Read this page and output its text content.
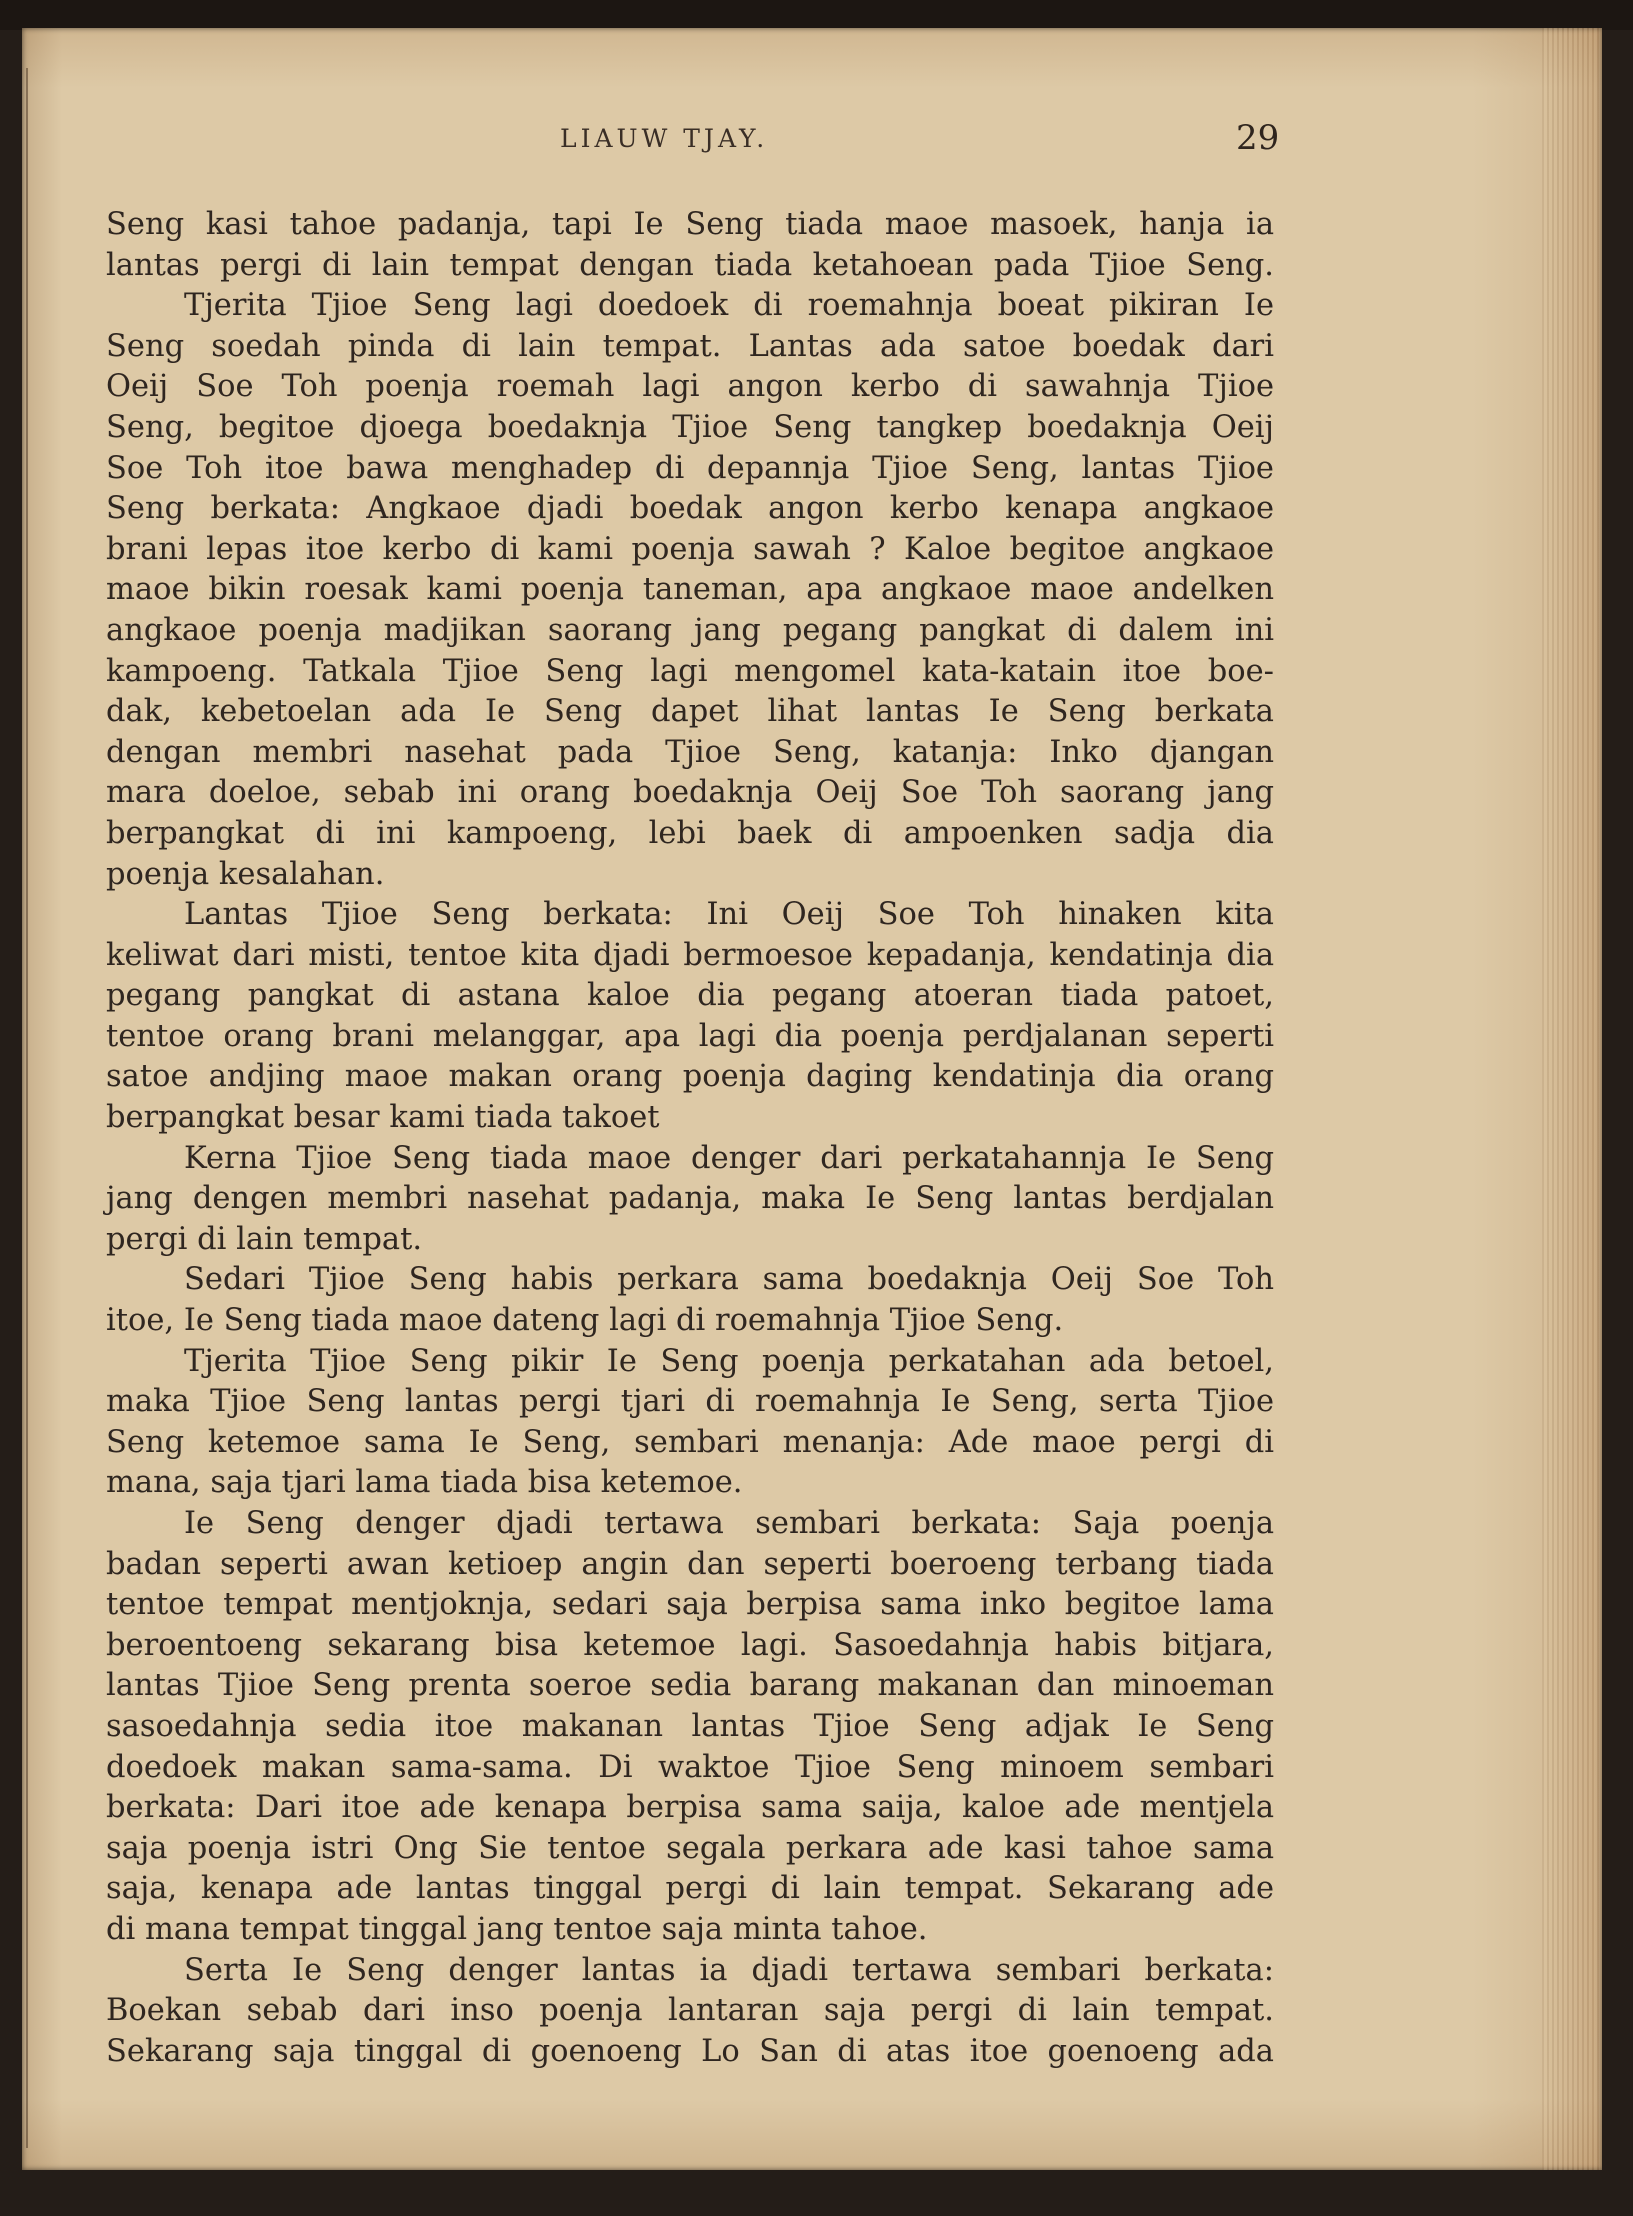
LIAUW TJAY.	29
Seng kasi tahoe padanja, tapi Ie Seng tiada maoe masoek, hanja ia
lantas pergi di lain tempat dengan tiada ketahoean pada Tjioe Seng.
Tjerita Tjioe Seng lagi doedoek di roemahnja boeat pikiran Ie
Seng soedah pinda di lain tempat. Lantas ada satoe boedak dari
Oeij Soe Toh poenja roemah lagi angon kerbo di sawahnja Tjioe
Seng, begitoe djoega boedaknja Tjioe Seng tangkep boedaknja Oeij
Soe Toh itoe bawa menghadep di depannja Tjioe Seng, lantas Tjioe
Seng berkata: Angkaoe djadi boedak angon kerbo kenapa angkaoe
brani lepas itoe kerbo di kami poenja sawah ? Kaloe begitoe angkaoe
maoe bikin roesak kami poenja taneman, apa angkaoe maoe andelken
angkaoe poenja madjikan saorang jang pegang pangkat di dalem ini
kampoeng. Tatkala Tjioe Seng lagi mengomel kata-katain itoe boe-
dak, kebetoelan ada Ie Seng dapet lihat lantas Ie Seng berkata
dengan membri nasehat pada Tjioe Seng, katanja: Inko djangan
mara doeloe, sebab ini orang boedaknja Oeij Soe Toh saorang jang
berpangkat di ini kampoeng, lebi baek di ampoenken sadja dia
poenja kesalahan.
Lantas Tjioe Seng berkata: Ini Oeij Soe Toh hinaken kita
keliwat dari misti, tentoe kita djadi bermoesoe kepadanja, kendatinja dia
pegang pangkat di astana kaloe dia pegang atoeran tiada patoet,
tentoe orang brani melanggar, apa lagi dia poenja perdjalanan seperti
satoe andjing maoe makan orang poenja daging kendatinja dia orang
berpangkat besar kami tiada takoet
Kerna Tjioe Seng tiada maoe denger dari perkatahannja Ie Seng
jang dengen membri nasehat padanja, maka Ie Seng lantas berdjalan
pergi di lain tempat.
Sedari Tjioe Seng habis perkara sama boedaknja Oeij Soe Toh
itoe, Ie Seng tiada maoe dateng lagi di roemahnja Tjioe Seng.
Tjerita Tjioe Seng pikir Ie Seng poenja perkatahan ada betoel,
maka Tjioe Seng lantas pergi tjari di roemahnja Ie Seng, serta Tjioe
Seng ketemoe sama Ie Seng, sembari menanja: Ade maoe pergi di
mana, saja tjari lama tiada bisa ketemoe.
Ie Seng denger djadi tertawa sembari berkata: Saja poenja
badan seperti awan ketioep angin dan seperti boeroeng terbang tiada
tentoe tempat mentjoknja, sedari saja berpisa sama inko begitoe lama
beroentoeng sekarang bisa ketemoe lagi. Sasoedahnja habis bitjara,
lantas Tjioe Seng prenta soeroe sedia barang makanan dan minoeman
sasoedahnja sedia itoe makanan lantas Tjioe Seng adjak Ie Seng
doedoek makan sama-sama. Di waktoe Tjioe Seng minoem sembari
berkata: Dari itoe ade kenapa berpisa sama saija, kaloe ade mentjela
saja poenja istri Ong Sie tentoe segala perkara ade kasi tahoe sama
saja, kenapa ade lantas tinggal pergi di lain tempat. Sekarang ade
di mana tempat tinggal jang tentoe saja minta tahoe.
Serta Ie Seng denger lantas ia djadi tertawa sembari berkata:
Boekan sebab dari inso poenja lantaran saja pergi di lain tempat.
Sekarang saja tinggal di goenoeng Lo San di atas itoe goenoeng ada
